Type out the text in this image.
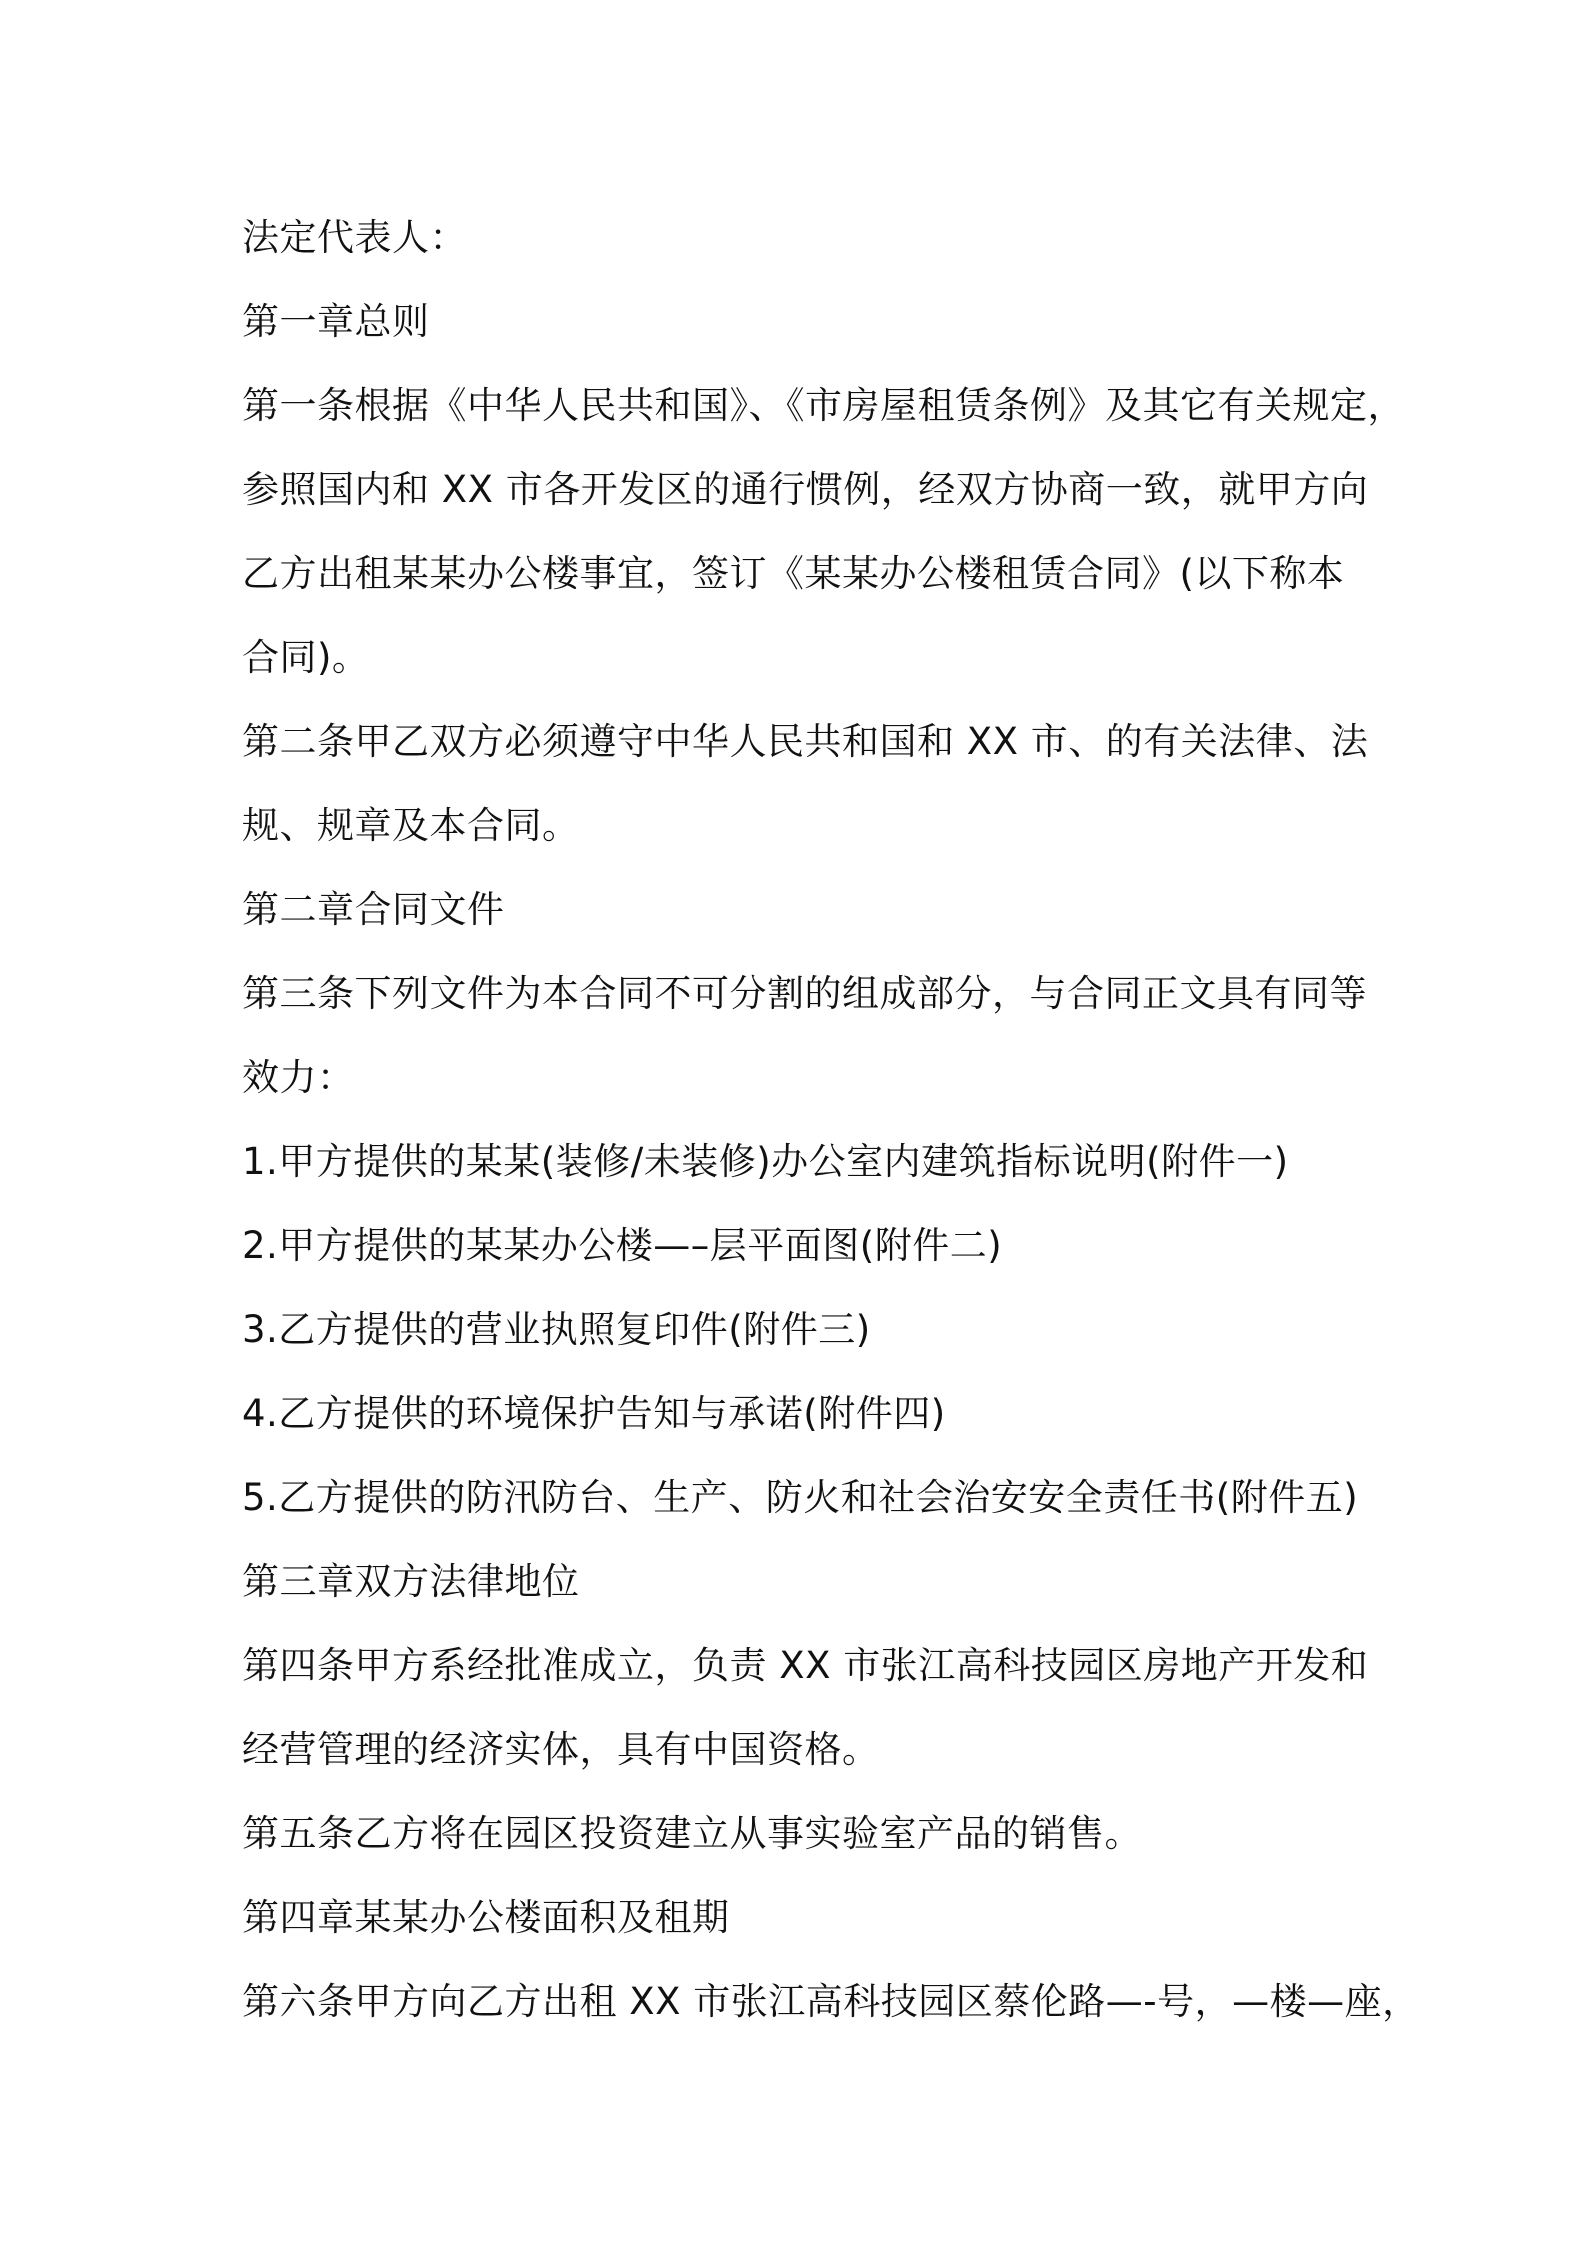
法定代表人：
第一章总则
第一条根据《中华人民共和国》、《市房屋租赁条例》及其它有关规定，
参照国内和 XX 市各开发区的通行惯例，经双方协商一致，就甲方向
乙方出租某某办公楼事宜，签订《某某办公楼租赁合同》(以下称本
合同)。
第二条甲乙双方必须遵守中华人民共和国和 XX 市、的有关法律、法
规、规章及本合同。
第二章合同文件
第三条下列文件为本合同不可分割的组成部分，与合同正文具有同等
效力：
1.甲方提供的某某(装修/未装修)办公室内建筑指标说明(附件一)
2.甲方提供的某某办公楼—–层平面图(附件二)
3.乙方提供的营业执照复印件(附件三)
4.乙方提供的环境保护告知与承诺(附件四)
5.乙方提供的防汛防台、生产、防火和社会治安安全责任书(附件五)
第三章双方法律地位
第四条甲方系经批准成立，负责 XX 市张江高科技园区房地产开发和
经营管理的经济实体，具有中国资格。
第五条乙方将在园区投资建立从事实验室产品的销售。
第四章某某办公楼面积及租期
第六条甲方向乙方出租 XX 市张江高科技园区蔡伦路—-号，—楼—座，
